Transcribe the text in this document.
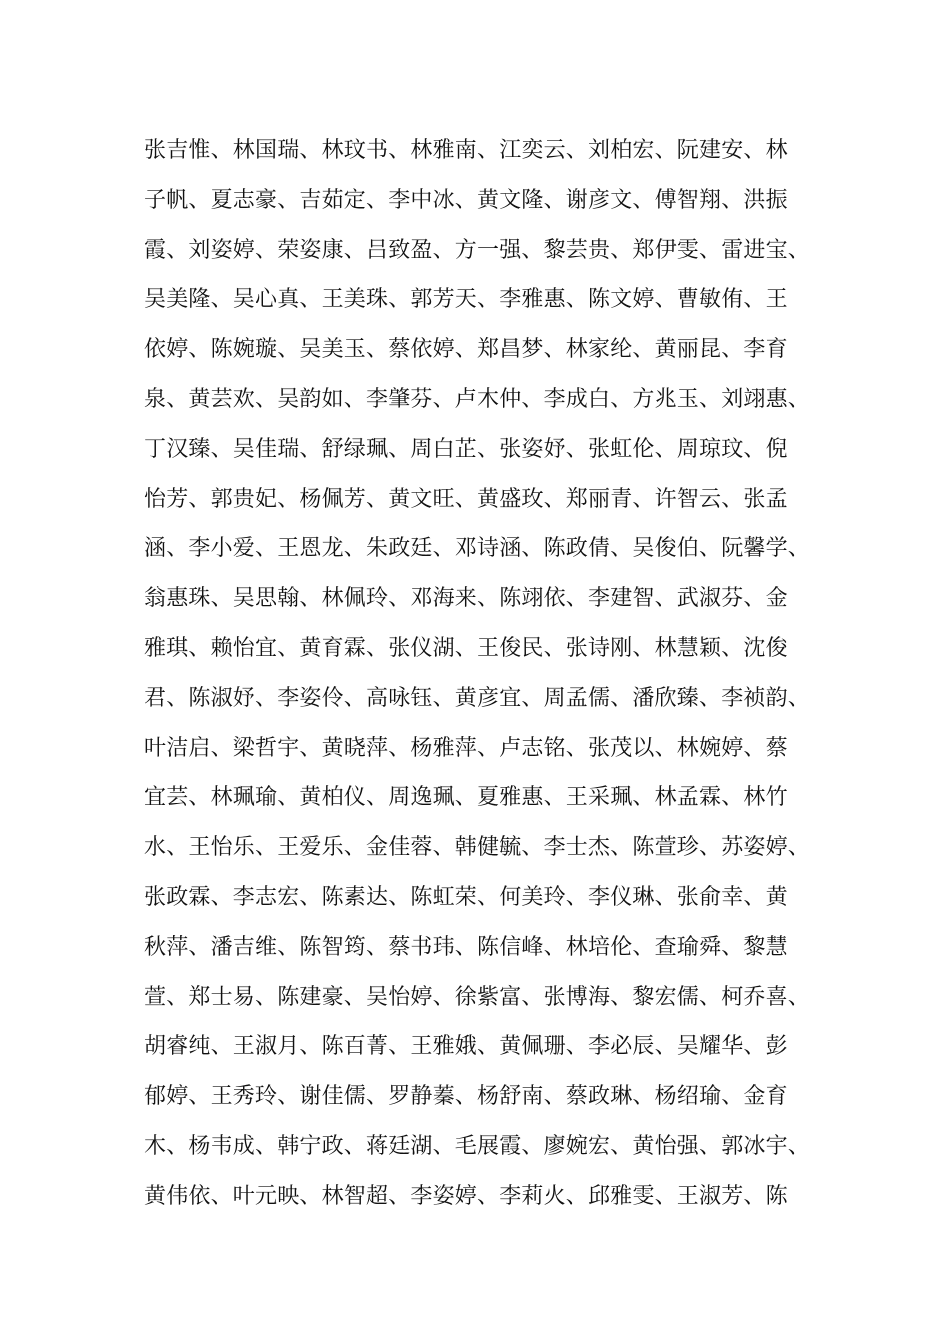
张吉惟、林国瑞、林玟书、林雅南、江奕云、刘柏宏、阮建安、林
子帆、夏志豪、吉茹定、李中冰、黄文隆、谢彦文、傅智翔、洪振
霞、刘姿婷、荣姿康、吕致盈、方一强、黎芸贵、郑伊雯、雷进宝、
吴美隆、吴心真、王美珠、郭芳天、李雅惠、陈文婷、曹敏侑、王
依婷、陈婉璇、吴美玉、蔡依婷、郑昌梦、林家纶、黄丽昆、李育
泉、黄芸欢、吴韵如、李肇芬、卢木仲、李成白、方兆玉、刘翊惠、
丁汉臻、吴佳瑞、舒绿珮、周白芷、张姿妤、张虹伦、周琼玟、倪
怡芳、郭贵妃、杨佩芳、黄文旺、黄盛玫、郑丽青、许智云、张孟
涵、李小爱、王恩龙、朱政廷、邓诗涵、陈政倩、吴俊伯、阮馨学、
翁惠珠、吴思翰、林佩玲、邓海来、陈翊依、李建智、武淑芬、金
雅琪、赖怡宜、黄育霖、张仪湖、王俊民、张诗刚、林慧颖、沈俊
君、陈淑妤、李姿伶、高咏钰、黄彦宜、周孟儒、潘欣臻、李祯韵、
叶洁启、梁哲宇、黄晓萍、杨雅萍、卢志铭、张茂以、林婉婷、蔡
宜芸、林珮瑜、黄柏仪、周逸珮、夏雅惠、王采珮、林孟霖、林竹
水、王怡乐、王爱乐、金佳蓉、韩健毓、李士杰、陈萱珍、苏姿婷、
张政霖、李志宏、陈素达、陈虹荣、何美玲、李仪琳、张俞幸、黄
秋萍、潘吉维、陈智筠、蔡书玮、陈信峰、林培伦、查瑜舜、黎慧
萱、郑士易、陈建豪、吴怡婷、徐紫富、张博海、黎宏儒、柯乔喜、
胡睿纯、王淑月、陈百菁、王雅娥、黄佩珊、李必辰、吴耀华、彭
郁婷、王秀玲、谢佳儒、罗静蓁、杨舒南、蔡政琳、杨绍瑜、金育
木、杨韦成、韩宁政、蒋廷湖、毛展霞、廖婉宏、黄怡强、郭冰宇、
黄伟依、叶元映、林智超、李姿婷、李莉火、邱雅雯、王淑芳、陈
